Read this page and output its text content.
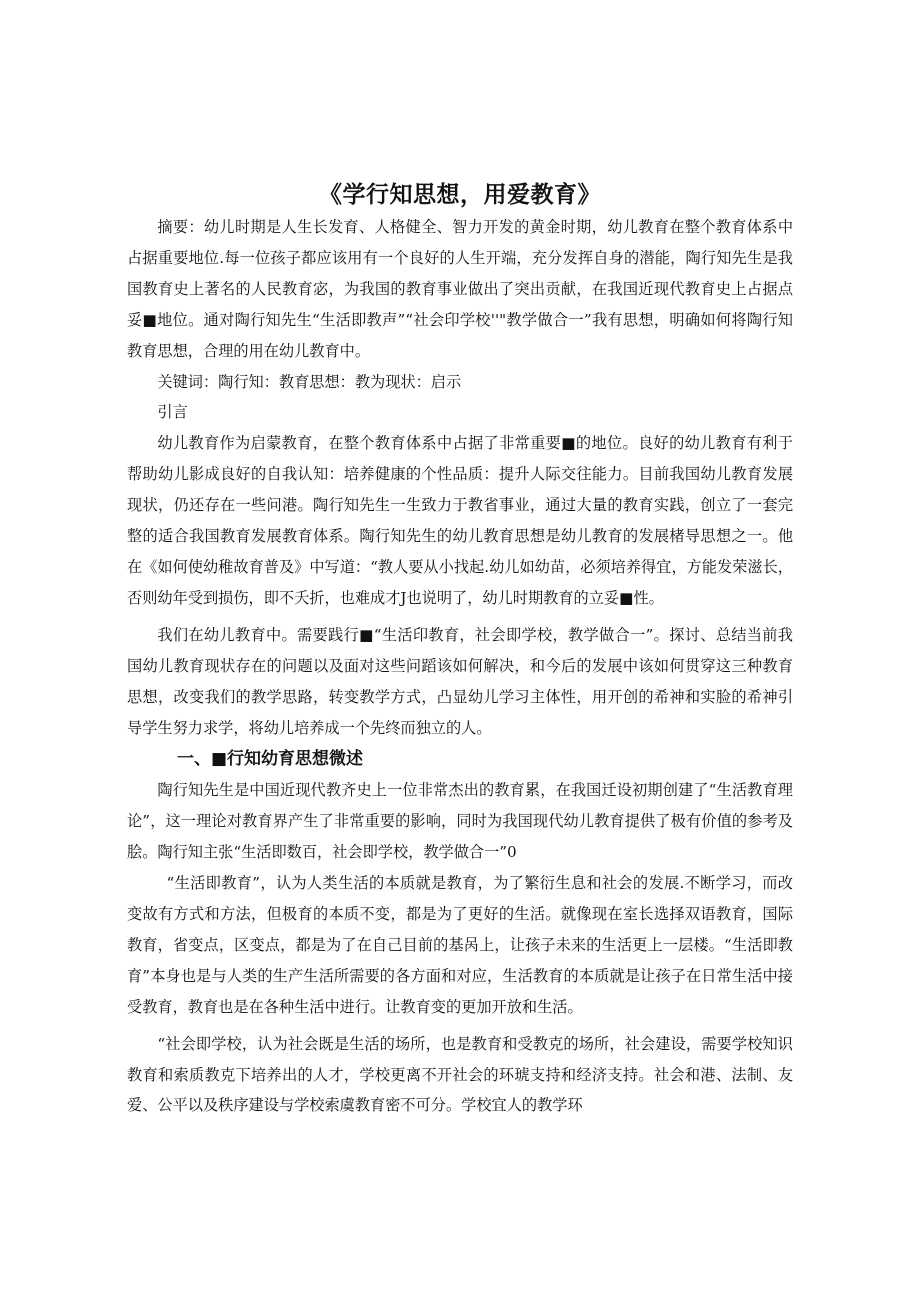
《学行知思想，用爱教育》

摘要：幼儿时期是人生长发育、人格健全、智力开发的黄金时期，幼儿教育在整个教育体系中占据重要地位.每一位孩子都应该用有一个良好的人生开端，充分发挥自身的潜能，陶行知先生是我国教育史上著名的人民教育宓，为我国的教育事业做出了突出贡献，在我国近现代教育史上占据点妥■地位。通对陶行知先生“生活即教声”“社会印学校''"教学做合一”我有思想，明确如何将陶行知教育思想，合理的用在幼儿教育中。

关键词：陶行知：教育思想：教为现状：启示

引言

幼儿教育作为启蒙教育，在整个教育体系中占据了非常重要■的地位。良好的幼儿教育有利于帮助幼儿影成良好的自我认知：培养健康的个性品质：提升人际交往能力。目前我国幼儿教育发展现状，仍还存在一些问港。陶行知先生一生致力于教省事业，通过大量的教育实践，创立了一套完整的适合我国教育发展教育体系。陶行知先生的幼儿教育思想是幼儿教育的发展楮导思想之一。他在《如何使幼稚故育普及》中写道：“教人要从小找起.幼儿如幼苗，必须培养得宜，方能发荣滋长，否则幼年受到损伤，即不夭折，也难成才J也说明了，幼儿时期教育的立妥■性。

我们在幼儿教育中。需要践行■“生活印教育，社会即学校，教学做合一”。探讨、总结当前我国幼儿教育现状存在的问题以及面对这些问蹈该如何解决，和今后的发展中该如何贯穿这三种教育思想，改变我们的教学思路，转变教学方式，凸显幼儿学习主体性，用开创的希神和实脸的希神引导学生努力求学，将幼儿培养成一个先终而独立的人。

一、■行知幼育思想微述

陶行知先生是中国近现代教齐史上一位非常杰出的教育累，在我国迁设初期创建了“生活教育理论”，这一理论对教育界产生了非常重要的影响，同时为我国现代幼儿教育提供了极有价值的参考及脍。陶行知主张“生活即数百，社会即学校，教学做合一”0

“生活即教育”，认为人类生活的本质就是教育，为了繁衍生息和社会的发展.不断学习，而改变故有方式和方法，但极育的本质不变，都是为了更好的生活。就像现在室长选择双语教育，国际教育，省变点，区变点，都是为了在自己目前的基呙上，让孩子未来的生活更上一层楼。“生活即教育”本身也是与人类的生产生活所需要的各方面和对应，生活教育的本质就是让孩子在日常生活中接受教育，教育也是在各种生活中进行。让教育变的更加开放和生活。

“社会即学校，认为社会既是生活的场所，也是教育和受教克的场所，社会建设，需要学校知识教育和索质教克下培养出的人才，学校更离不开社会的环琥支持和经济支持。社会和港、法制、友爱、公平以及秩序建设与学校索虞教育密不可分。学校宜人的教学环
